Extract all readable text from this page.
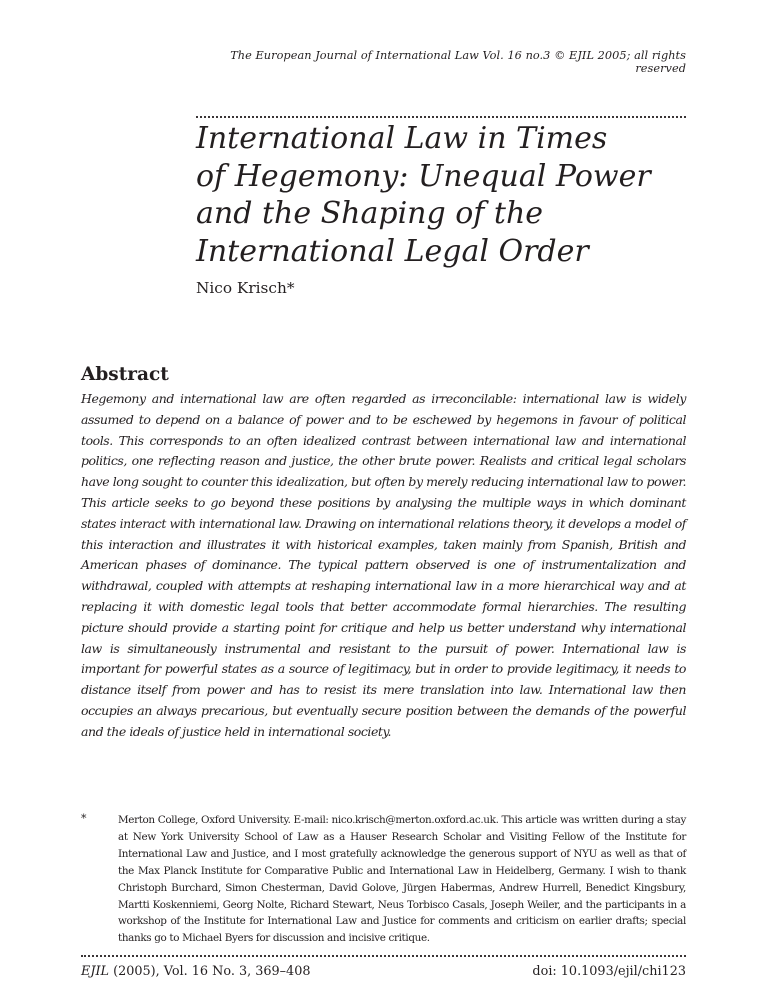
The European Journal of International Law Vol. 16 no.3 © EJIL 2005; all rights reserved
International Law in Times
of Hegemony: Unequal Power
and the Shaping of the
International Legal Order
Nico Krisch*
Abstract

Hegemony and international law are often regarded as irreconcilable: international law is widely assumed to depend on a balance of power and to be eschewed by hegemons in favour of political tools. This corresponds to an often idealized contrast between international law and international politics, one reflecting reason and justice, the other brute power. Realists and critical legal scholars have long sought to counter this idealization, but often by merely reducing international law to power. This article seeks to go beyond these positions by analysing the multiple ways in which dominant states interact with international law. Drawing on international relations theory, it develops a model of this interaction and illustrates it with historical examples, taken mainly from Spanish, British and American phases of dominance. The typical pattern observed is one of instrumentalization and withdrawal, coupled with attempts at reshaping international law in a more hierarchical way and at replacing it with domestic legal tools that better accommodate formal hierarchies. The resulting picture should provide a starting point for critique and help us better understand why international law is simultaneously instrumental and resistant to the pursuit of power. International law is important for powerful states as a source of legitimacy, but in order to provide legitimacy, it needs to distance itself from power and has to resist its mere translation into law. International law then occupies an always precarious, but eventually secure position between the demands of the powerful and the ideals of justice held in international society.

*	Merton College, Oxford University. E-mail: nico.krisch@merton.oxford.ac.uk. This article was written during a stay at New York University School of Law as a Hauser Research Scholar and Visiting Fellow of the Institute for International Law and Justice, and I most gratefully acknowledge the generous support of NYU as well as that of the Max Planck Institute for Comparative Public and International Law in Heidelberg, Germany. I wish to thank Christoph Burchard, Simon Chesterman, David Golove, Jürgen Habermas, Andrew Hurrell, Benedict Kingsbury, Martti Koskenniemi, Georg Nolte, Richard Stewart, Neus Torbisco Casals, Joseph Weiler, and the participants in a workshop of the Institute for International Law and Justice for comments and criticism on earlier drafts; special thanks go to Michael Byers for discussion and incisive critique.

EJIL (2005), Vol. 16 No. 3, 369–408	doi: 10.1093/ejil/chi123
